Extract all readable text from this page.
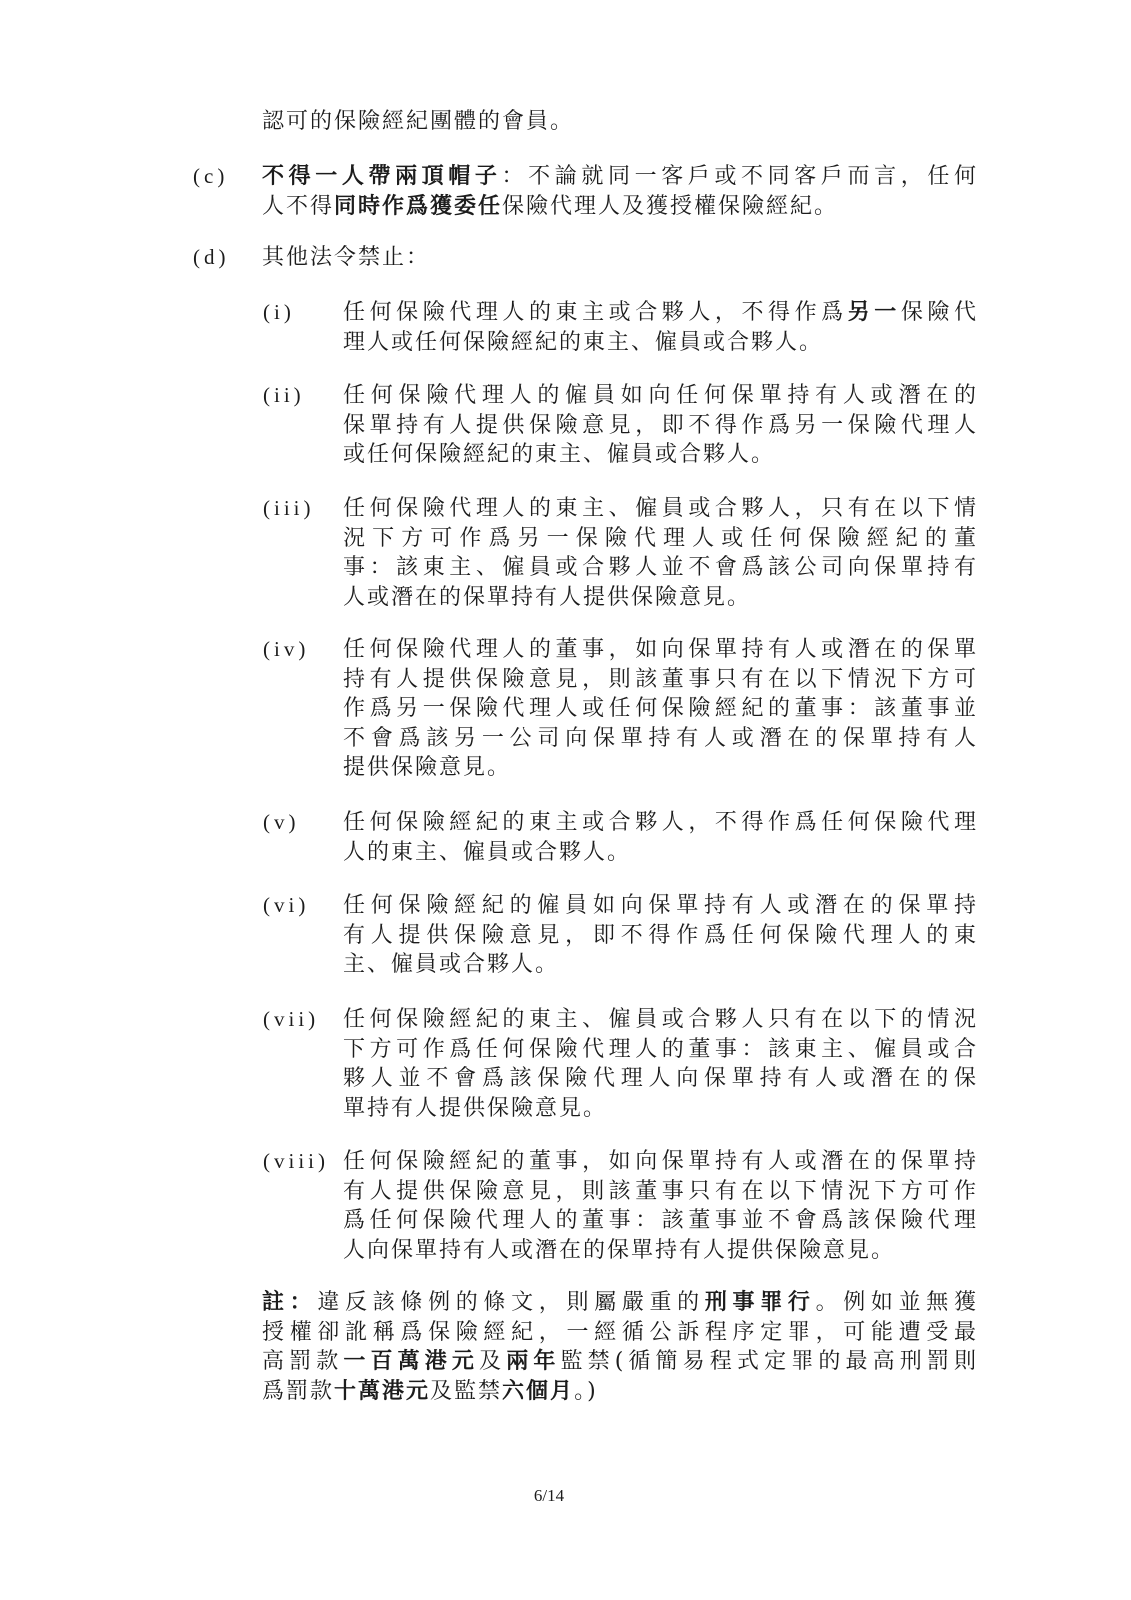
認可的保險經紀團體的會員。
(c) 不得一人帶兩頂帽子：不論就同一客戶或不同客戶而言，任何
人不得同時作爲獲委任保險代理人及獲授權保險經紀。
(d) 其他法令禁止：
(i) 任何保險代理人的東主或合夥人，不得作爲另一保險代
理人或任何保險經紀的東主、僱員或合夥人。
(ii) 任何保險代理人的僱員如向任何保單持有人或潛在的
保單持有人提供保險意見，即不得作爲另一保險代理人
或任何保險經紀的東主、僱員或合夥人。
(iii) 任何保險代理人的東主、僱員或合夥人，只有在以下情
況下方可作爲另一保險代理人或任何保險經紀的董
事：該東主、僱員或合夥人並不會爲該公司向保單持有
人或潛在的保單持有人提供保險意見。
(iv) 任何保險代理人的董事，如向保單持有人或潛在的保單
持有人提供保險意見，則該董事只有在以下情況下方可
作爲另一保險代理人或任何保險經紀的董事：該董事並
不會爲該另一公司向保單持有人或潛在的保單持有人
提供保險意見。
(v) 任何保險經紀的東主或合夥人，不得作爲任何保險代理
人的東主、僱員或合夥人。
(vi) 任何保險經紀的僱員如向保單持有人或潛在的保單持
有人提供保險意見，即不得作爲任何保險代理人的東
主、僱員或合夥人。
(vii) 任何保險經紀的東主、僱員或合夥人只有在以下的情況
下方可作爲任何保險代理人的董事：該東主、僱員或合
夥人並不會爲該保險代理人向保單持有人或潛在的保
單持有人提供保險意見。
(viii) 任何保險經紀的董事，如向保單持有人或潛在的保單持
有人提供保險意見，則該董事只有在以下情況下方可作
爲任何保險代理人的董事：該董事並不會爲該保險代理
人向保單持有人或潛在的保單持有人提供保險意見。
註：違反該條例的條文，則屬嚴重的刑事罪行。例如並無獲
授權卻訛稱爲保險經紀，一經循公訴程序定罪，可能遭受最
高罰款一百萬港元及兩年監禁(循簡易程式定罪的最高刑罰則
爲罰款十萬港元及監禁六個月。)
6/14
